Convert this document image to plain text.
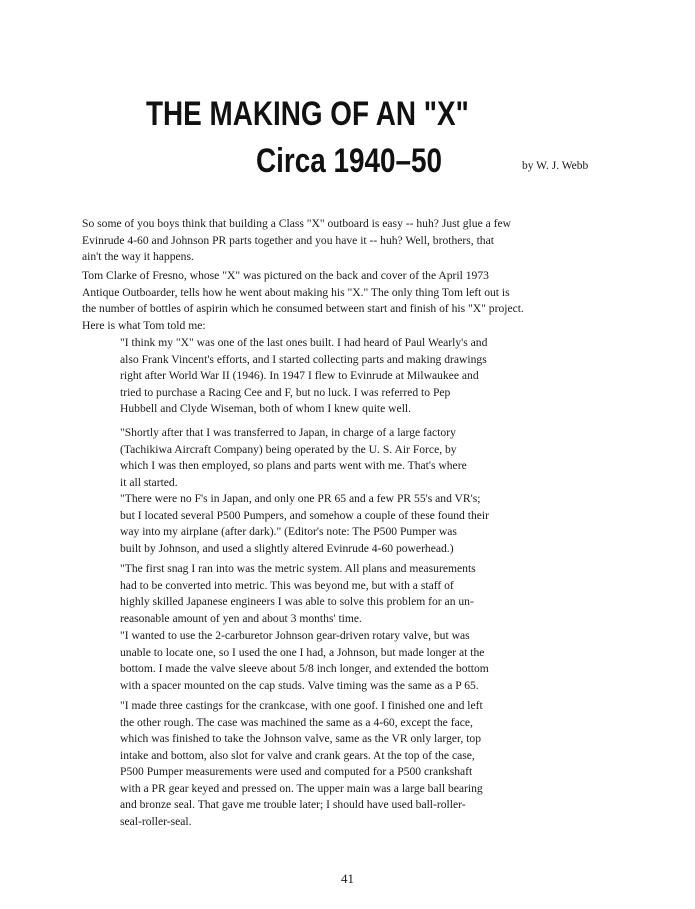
THE MAKING OF AN "X"
Circa 1940–50	by W. J. Webb

So some of you boys think that building a Class "X" outboard is easy -- huh? Just glue a few
Evinrude 4-60 and Johnson PR parts together and you have it -- huh? Well, brothers, that
ain't the way it happens.

Tom Clarke of Fresno, whose "X" was pictured on the back and cover of the April 1973
Antique Outboarder, tells how he went about making his "X." The only thing Tom left out is
the number of bottles of aspirin which he consumed between start and finish of his "X" project.
Here is what Tom told me:

"I think my "X" was one of the last ones built. I had heard of Paul Wearly's and
also Frank Vincent's efforts, and I started collecting parts and making drawings
right after World War II (1946). In 1947 I flew to Evinrude at Milwaukee and
tried to purchase a Racing Cee and F, but no luck. I was referred to Pep
Hubbell and Clyde Wiseman, both of whom I knew quite well.

"Shortly after that I was transferred to Japan, in charge of a large factory
(Tachikiwa Aircraft Company) being operated by the U. S. Air Force, by
which I was then employed, so plans and parts went with me. That's where
it all started.

"There were no F's in Japan, and only one PR 65 and a few PR 55's and VR's;
but I located several P500 Pumpers, and somehow a couple of these found their
way into my airplane (after dark)." (Editor's note: The P500 Pumper was
built by Johnson, and used a slightly altered Evinrude 4-60 powerhead.)

"The first snag I ran into was the metric system. All plans and measurements
had to be converted into metric. This was beyond me, but with a staff of
highly skilled Japanese engineers I was able to solve this problem for an un-
reasonable amount of yen and about 3 months' time.

"I wanted to use the 2-carburetor Johnson gear-driven rotary valve, but was
unable to locate one, so I used the one I had, a Johnson, but made longer at the
bottom. I made the valve sleeve about 5/8 inch longer, and extended the bottom
with a spacer mounted on the cap studs. Valve timing was the same as a P 65.

"I made three castings for the crankcase, with one goof. I finished one and left
the other rough. The case was machined the same as a 4-60, except the face,
which was finished to take the Johnson valve, same as the VR only larger, top
intake and bottom, also slot for valve and crank gears. At the top of the case,
P500 Pumper measurements were used and computed for a P500 crankshaft
with a PR gear keyed and pressed on. The upper main was a large ball bearing
and bronze seal. That gave me trouble later; I should have used ball-roller-
seal-roller-seal.

41
